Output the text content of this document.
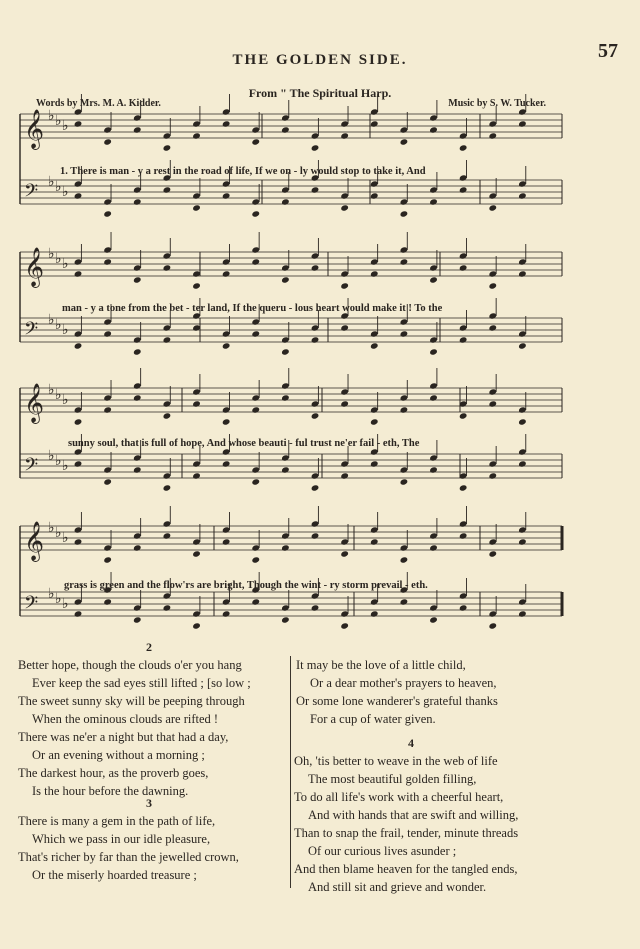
THE GOLDEN SIDE.	57
From " The Spiritual Harp.
Words by Mrs. M. A. Kidder.	Music by S. W. Tucker.
𝄞 ♭ ♭ ♭
𝄢 ♭ ♭ ♭
𝄞 ♭ ♭ ♭
𝄢 ♭ ♭ ♭
𝄞 ♭ ♭ ♭
𝄢 ♭ ♭ ♭
𝄞 ♭ ♭ ♭
𝄢 ♭ ♭ ♭
1. There is man - y a rest in the road of life, If we on - ly would stop to take it, And
man - y a tone from the bet - ter land, If the queru - lous heart would make it ! To the
sunny soul, that is full of hope, And whose beauti - ful trust ne'er fail - eth, The
grass is green and the flow'rs are bright, Though the wint - ry storm prevail - eth.
2
Better hope, though the clouds o'er you hang
Ever keep the sad eyes still lifted ; [so low ;
The sweet sunny sky will be peeping through
When the ominous clouds are rifted !
There was ne'er a night but that had a day,
Or an evening without a morning ;
The darkest hour, as the proverb goes,
Is the hour before the dawning.
3
There is many a gem in the path of life,
Which we pass in our idle pleasure,
That's richer by far than the jewelled crown,
Or the miserly hoarded treasure ;
It may be the love of a little child,
Or a dear mother's prayers to heaven,
Or some lone wanderer's grateful thanks
For a cup of water given.
4
Oh, 'tis better to weave in the web of life
The most beautiful golden filling,
To do all life's work with a cheerful heart,
And with hands that are swift and willing,
Than to snap the frail, tender, minute threads
Of our curious lives asunder ;
And then blame heaven for the tangled ends,
And still sit and grieve and wonder.
